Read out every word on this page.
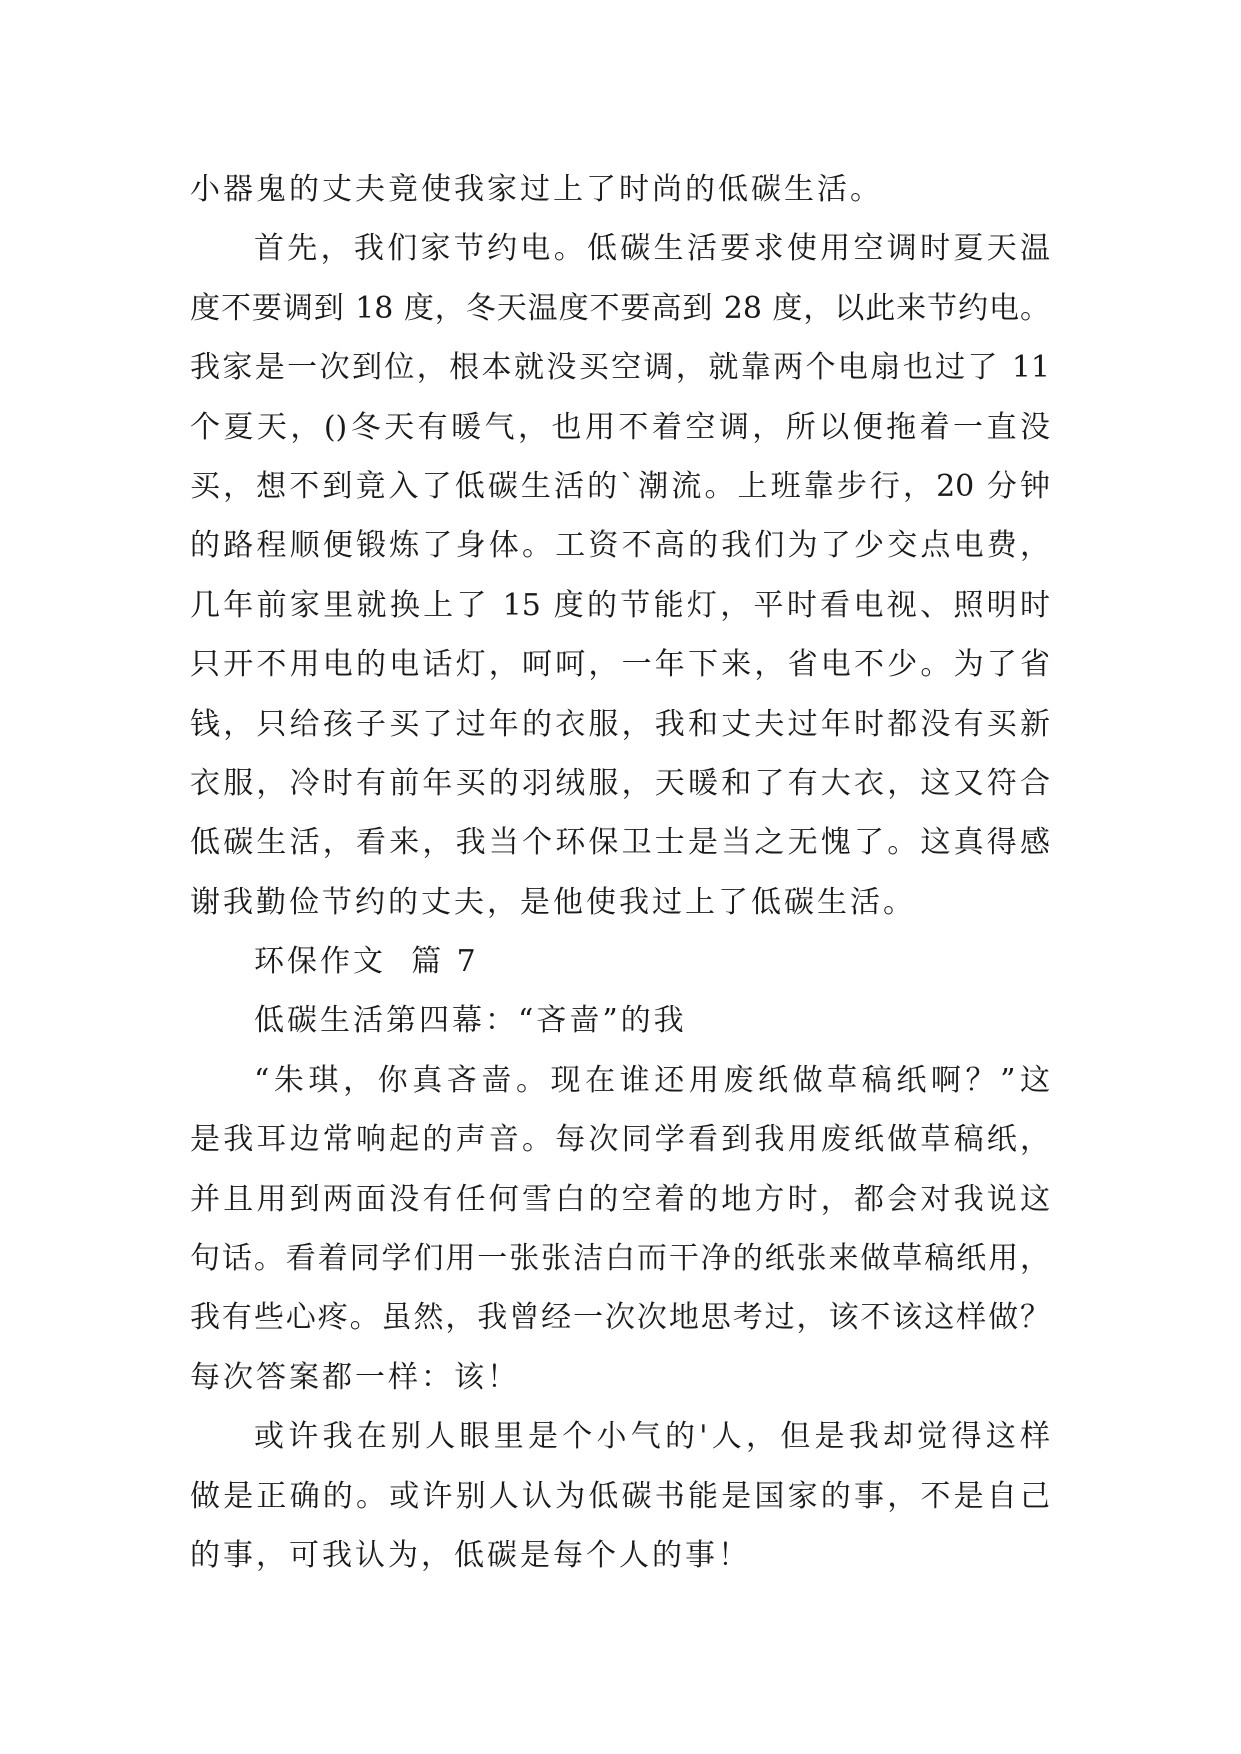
小器鬼的丈夫竟使我家过上了时尚的低碳生活。
首先，我们家节约电。低碳生活要求使用空调时夏天温
度不要调到 18 度，冬天温度不要高到 28 度，以此来节约电。
我家是一次到位，根本就没买空调，就靠两个电扇也过了 11
个夏天，()冬天有暖气，也用不着空调，所以便拖着一直没
买，想不到竟入了低碳生活的`潮流。上班靠步行，20 分钟
的路程顺便锻炼了身体。工资不高的我们为了少交点电费，
几年前家里就换上了 15 度的节能灯，平时看电视、照明时
只开不用电的电话灯，呵呵，一年下来，省电不少。为了省
钱，只给孩子买了过年的衣服，我和丈夫过年时都没有买新
衣服，冷时有前年买的羽绒服，天暖和了有大衣，这又符合
低碳生活，看来，我当个环保卫士是当之无愧了。这真得感
谢我勤俭节约的丈夫，是他使我过上了低碳生活。
环保作文  篇 7
低碳生活第四幕：“吝啬”的我
“朱琪，你真吝啬。现在谁还用废纸做草稿纸啊？”这
是我耳边常响起的声音。每次同学看到我用废纸做草稿纸，
并且用到两面没有任何雪白的空着的地方时，都会对我说这
句话。看着同学们用一张张洁白而干净的纸张来做草稿纸用，
我有些心疼。虽然，我曾经一次次地思考过，该不该这样做？
每次答案都一样：该！
或许我在别人眼里是个小气的'人，但是我却觉得这样
做是正确的。或许别人认为低碳书能是国家的事，不是自己
的事，可我认为，低碳是每个人的事！
